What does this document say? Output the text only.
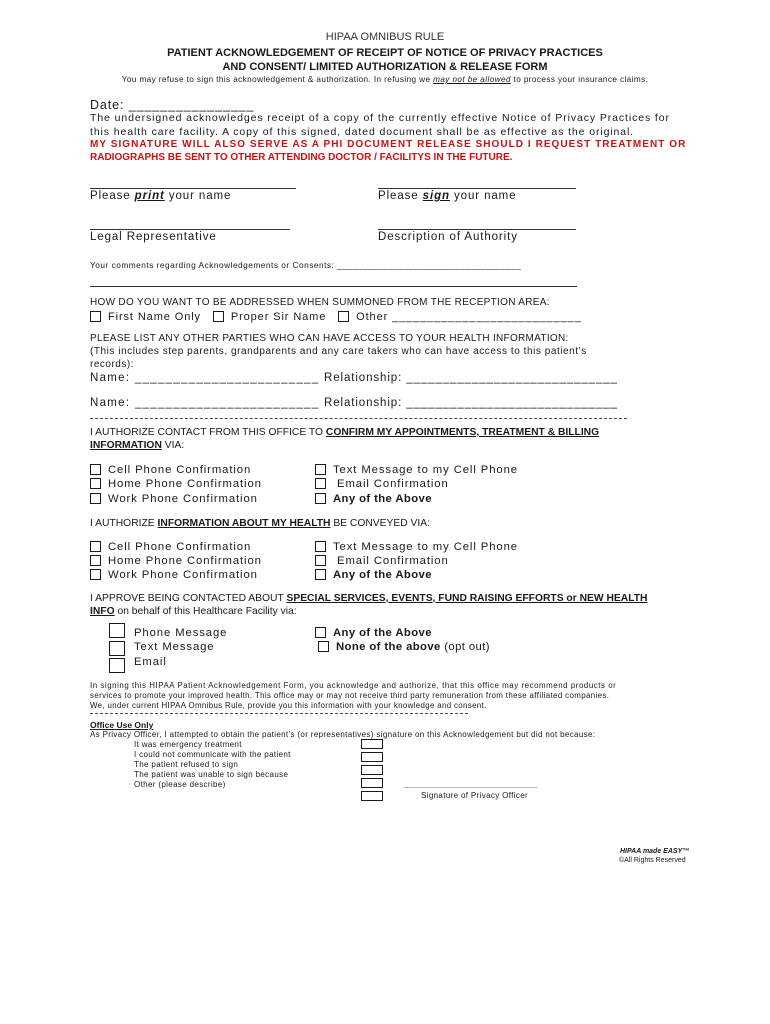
HIPAA OMNIBUS RULE
PATIENT ACKNOWLEDGEMENT OF RECEIPT OF NOTICE OF PRIVACY PRACTICES
AND CONSENT/ LIMITED AUTHORIZATION & RELEASE FORM
You may refuse to sign this acknowledgement & authorization. In refusing we may not be allowed to process your insurance claims.
Date: ________________
The undersigned acknowledges receipt of a copy of the currently effective Notice of Privacy Practices for
this health care facility. A copy of this signed, dated document shall be as effective as the original.
MY SIGNATURE WILL ALSO SERVE AS A PHI DOCUMENT RELEASE SHOULD I REQUEST TREATMENT OR
RADIOGRAPHS BE SENT TO OTHER ATTENDING DOCTOR / FACILITYS IN THE FUTURE.
Please print your name	Please sign your name
Legal Representative	Description of Authority
Your comments regarding Acknowledgements or Consents: ____________________________________
HOW DO YOU WANT TO BE ADDRESSED WHEN SUMMONED FROM THE RECEPTION AREA:
First Name Only	Proper Sir Name	Other ___________________________
PLEASE LIST ANY OTHER PARTIES WHO CAN HAVE ACCESS TO YOUR HEALTH INFORMATION:
(This includes step parents, grandparents and any care takers who can have access to this patient’s
records):
Name: ________________________ Relationship: _____________________________
Name: ________________________ Relationship: _____________________________
I AUTHORIZE CONTACT FROM THIS OFFICE TO CONFIRM MY APPOINTMENTS, TREATMENT & BILLING
INFORMATION VIA:
Cell Phone Confirmation
Home Phone Confirmation
Work Phone Confirmation
Text Message to my Cell Phone
Email Confirmation
Any of the Above
I AUTHORIZE INFORMATION ABOUT MY HEALTH BE CONVEYED VIA:
Cell Phone Confirmation
Home Phone Confirmation
Work Phone Confirmation
Text Message to my Cell Phone
Email Confirmation
Any of the Above
I APPROVE BEING CONTACTED ABOUT SPECIAL SERVICES, EVENTS, FUND RAISING EFFORTS or NEW HEALTH
INFO on behalf of this Healthcare Facility via:
Phone Message
Text Message
Email
Any of the Above
None of the above (opt out)
In signing this HIPAA Patient Acknowledgement Form, you acknowledge and authorize, that this office may recommend products or
services to promote your improved health. This office may or may not receive third party remuneration from these affiliated companies.
We, under current HIPAA Omnibus Rule, provide you this information with your knowledge and consent.
Office Use Only
As Privacy Officer, I attempted to obtain the patient’s (or representatives) signature on this Acknowledgement but did not because:
It was emergency treatment
I could not communicate with the patient
The patient refused to sign
The patient was unable to sign because
Other (please describe)	________________________________________
Signature of Privacy Officer
HIPAA made EASY™
©All Rights Reserved
